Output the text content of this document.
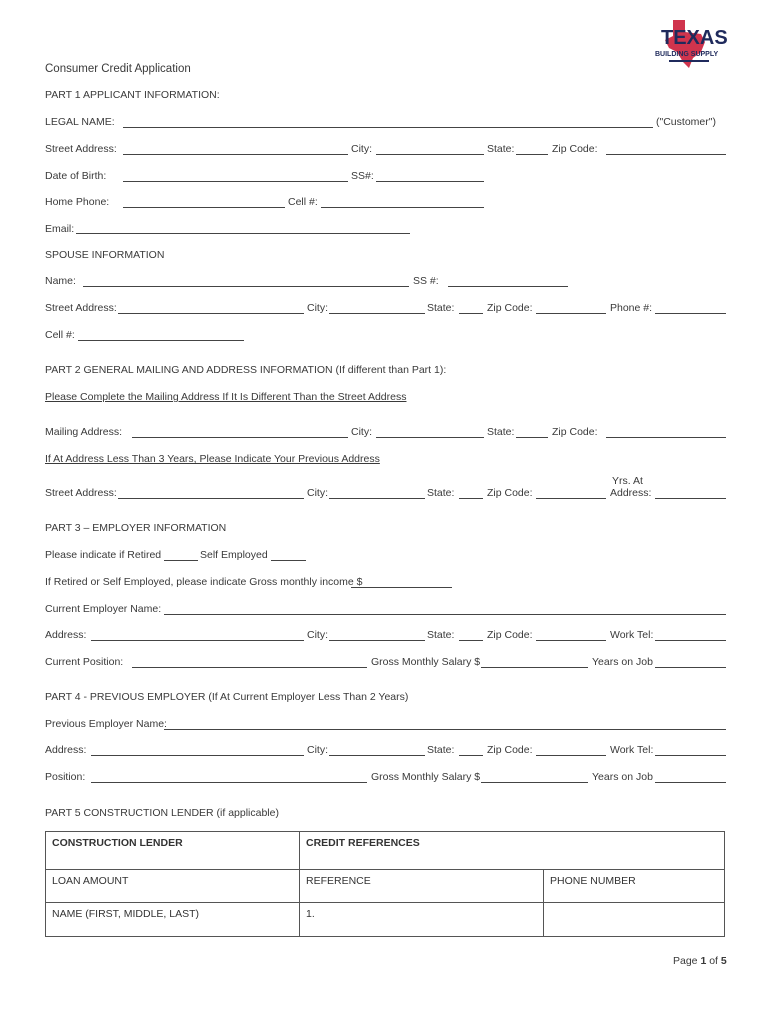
TEXAS
BUILDING SUPPLY
Consumer Credit Application
PART 1 APPLICANT INFORMATION:
LEGAL NAME:	("Customer")
Street Address:	City:	State:	Zip Code:
Date of Birth:	SS#:
Home Phone:	Cell #:
Email:
SPOUSE INFORMATION
Name:	SS #:
Street Address:	City:	State:	Zip Code:	Phone #:
Cell #:
PART 2 GENERAL MAILING AND ADDRESS INFORMATION (If different than Part 1):
Please Complete the Mailing Address If It Is Different Than the Street Address
Mailing Address:	City:	State:	Zip Code:
If At Address Less Than 3 Years, Please Indicate Your Previous Address
Street Address:	City:	State:	Zip Code:
Yrs. At
Address:
PART 3 – EMPLOYER INFORMATION
Please indicate if Retired	Self Employed
If Retired or Self Employed, please indicate Gross monthly income $
Current Employer Name:
Address:	City:	State:	Zip Code:	Work Tel:
Current Position:	Gross Monthly Salary $	Years on Job
PART 4 - PREVIOUS EMPLOYER (If At Current Employer Less Than 2 Years)
Previous Employer Name:
Address:	City:	State:	Zip Code:	Work Tel:
Position:	Gross Monthly Salary $	Years on Job
PART 5 CONSTRUCTION LENDER (if applicable)
CONSTRUCTION LENDER	CREDIT REFERENCES	
LOAN AMOUNT	REFERENCE	PHONE NUMBER
NAME (FIRST, MIDDLE, LAST)	1.	
Page 1 of 5
